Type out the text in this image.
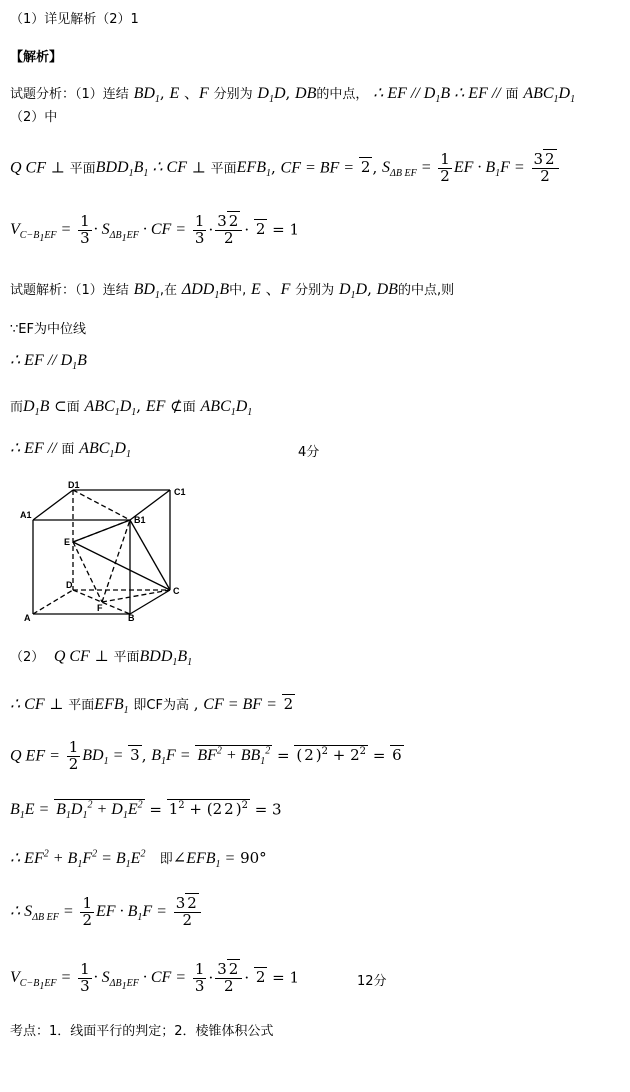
（1）详见解析（2）1
【解析】
试题分析：（1）连结 $BD_1$, E 、F 分别为 $D_1D$, DB的中点， ∴ EF // $D_1B$ ∴ EF // 面 $ABC_1D_1$
（2）中
Q CF ⊥ 平面$BDD_1B_1$ ∴ CF ⊥ 平面$EFB_1$, CF = BF = 2 , $S_{\Delta B EF} = \frac{1}{2}$ EF · $B_1F = \frac{3 2}{2}$
$V_{C-B_1EF} = \frac{1}{3} \cdot S_{\Delta B_1EF}$ · CF = $\frac{1}{3} \cdot \frac{3 2}{2} \cdot 2 = 1$
试题解析：（1）连结 $BD_1$,在 $\Delta DD_1B$中, E 、F 分别为 $D_1D$, DB的中点,则
∵EF为中位线
∴ EF // $D_1B$
而$D_1B$ ⊂面 $ABC_1D_1$, EF ⊄面 $ABC_1D_1$
∴ EF // 面 $ABC_1D_1$	4分
D1
C1
A1	B1
E
D
C
F
A	B
（2） Q CF ⊥ 平面$BDD_1B_1$
∴ CF ⊥ 平面$EFB_1$ 即CF为高 , CF = BF = 2
Q EF = $\frac{1}{2} BD_1 = 3$ , $B_1F = BF^2 + BB_1^2$ = ( 2 )$^2 + 2^2 = 6$
$B_1E = B_1D_1^2 + D_1E^2 = 1^2 + (2$ 2 )$^2$ = 3
∴ $EF^2 + B_1F^2 = B_1E^2$ 即$\angle EFB_1 = 90^\circ$
∴ $S_{\Delta B EF} = \frac{1}{2}$ EF · $B_1F = \frac{3 2}{2}$
$V_{C-B_1EF} = \frac{1}{3} \cdot S_{\Delta B_1EF}$ · CF = $\frac{1}{3} \cdot \frac{3 2}{2} \cdot 2 = 1$	12分
考点：1．线面平行的判定；2．棱锥体积公式
